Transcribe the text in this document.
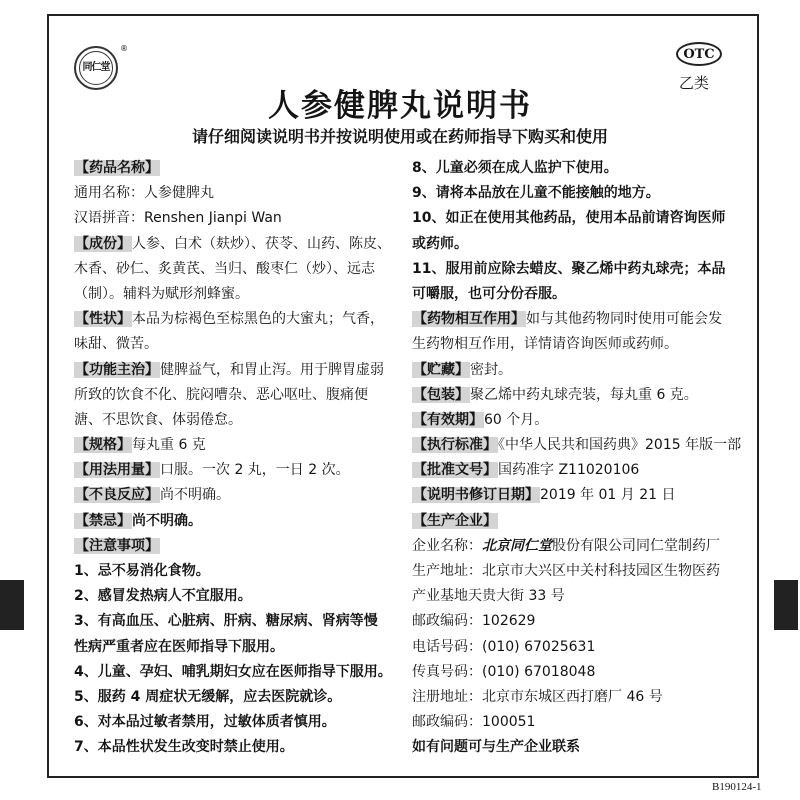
同仁堂
®	OTC
乙类
人参健脾丸说明书
请仔细阅读说明书并按说明使用或在药师指导下购买和使用
【药品名称】
通用名称：人参健脾丸
汉语拼音：Renshen Jianpi Wan
【成份】人参、白术（麸炒）、茯苓、山药、陈皮、
木香、砂仁、炙黄芪、当归、酸枣仁（炒）、远志
（制）。辅料为赋形剂蜂蜜。
【性状】本品为棕褐色至棕黑色的大蜜丸；气香，
味甜、微苦。
【功能主治】健脾益气，和胃止泻。用于脾胃虚弱
所致的饮食不化、脘闷嘈杂、恶心呕吐、腹痛便
溏、不思饮食、体弱倦怠。
【规格】每丸重 6 克
【用法用量】口服。一次 2 丸，一日 2 次。
【不良反应】尚不明确。
【禁忌】尚不明确。
【注意事项】
1、忌不易消化食物。
2、感冒发热病人不宜服用。
3、有高血压、心脏病、肝病、糖尿病、肾病等慢
性病严重者应在医师指导下服用。
4、儿童、孕妇、哺乳期妇女应在医师指导下服用。
5、服药 4 周症状无缓解，应去医院就诊。
6、对本品过敏者禁用，过敏体质者慎用。
7、本品性状发生改变时禁止使用。
8、儿童必须在成人监护下使用。
9、请将本品放在儿童不能接触的地方。
10、如正在使用其他药品，使用本品前请咨询医师
或药师。
11、服用前应除去蜡皮、聚乙烯中药丸球壳；本品
可嚼服，也可分份吞服。
【药物相互作用】如与其他药物同时使用可能会发
生药物相互作用，详情请咨询医师或药师。
【贮藏】密封。
【包装】聚乙烯中药丸球壳装，每丸重 6 克。
【有效期】60 个月。
【执行标准】《中华人民共和国药典》2015 年版一部
【批准文号】国药准字 Z11020106
【说明书修订日期】2019 年 01 月 21 日
【生产企业】
企业名称：北京同仁堂股份有限公司同仁堂制药厂
生产地址：北京市大兴区中关村科技园区生物医药
产业基地天贵大街 33 号
邮政编码：102629
电话号码：(010) 67025631
传真号码：(010) 67018048
注册地址：北京市东城区西打磨厂 46 号
邮政编码：100051
如有问题可与生产企业联系
B190124-1
